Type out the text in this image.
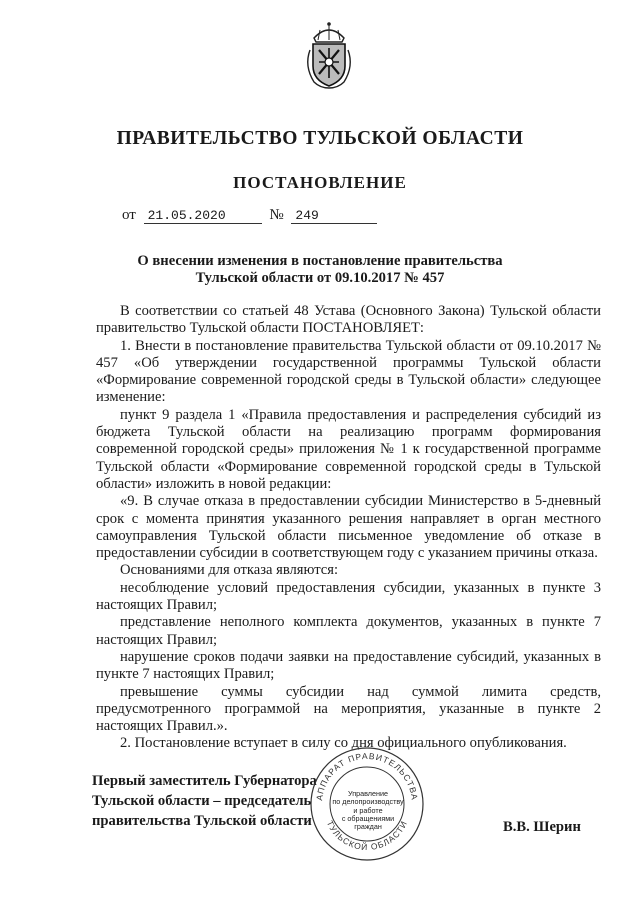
ПРАВИТЕЛЬСТВО ТУЛЬСКОЙ ОБЛАСТИ
ПОСТАНОВЛЕНИЕ
от 21.05.2020	№ 249
О внесении изменения в постановление правительства
Тульской области от 09.10.2017 № 457

В соответствии со статьей 48 Устава (Основного Закона) Тульской области правительство Тульской области ПОСТАНОВЛЯЕТ:

1. Внести в постановление правительства Тульской области от 09.10.2017 № 457 «Об утверждении государственной программы Тульской области «Формирование современной городской среды в Тульской области» следующее изменение:

пункт 9 раздела 1 «Правила предоставления и распределения субсидий из бюджета Тульской области на реализацию программ формирования современной городской среды» приложения № 1 к государственной программе Тульской области «Формирование современной городской среды в Тульской области» изложить в новой редакции:

«9. В случае отказа в предоставлении субсидии Министерство в 5-дневный срок с момента принятия указанного решения направляет в орган местного самоуправления Тульской области письменное уведомление об отказе в предоставлении субсидии в соответствующем году с указанием причины отказа.

Основаниями для отказа являются:

несоблюдение условий предоставления субсидии, указанных в пункте 3 настоящих Правил;

представление неполного комплекта документов, указанных в пункте 7 настоящих Правил;

нарушение сроков подачи заявки на предоставление субсидий, указанных в пункте 7 настоящих Правил;

превышение суммы субсидии над суммой лимита средств, предусмотренного программой на мероприятия, указанные в пункте 2 настоящих Правил.».

2. Постановление вступает в силу со дня официального опубликования.

Первый заместитель Губернатора
Тульской области – председатель
правительства Тульской области
АППАРАТ ПРАВИТЕЛЬСТВА
ТУЛЬСКОЙ ОБЛАСТИ
Управление
по делопроизводству
и работе
с обращениями
граждан	В.В. Шерин
